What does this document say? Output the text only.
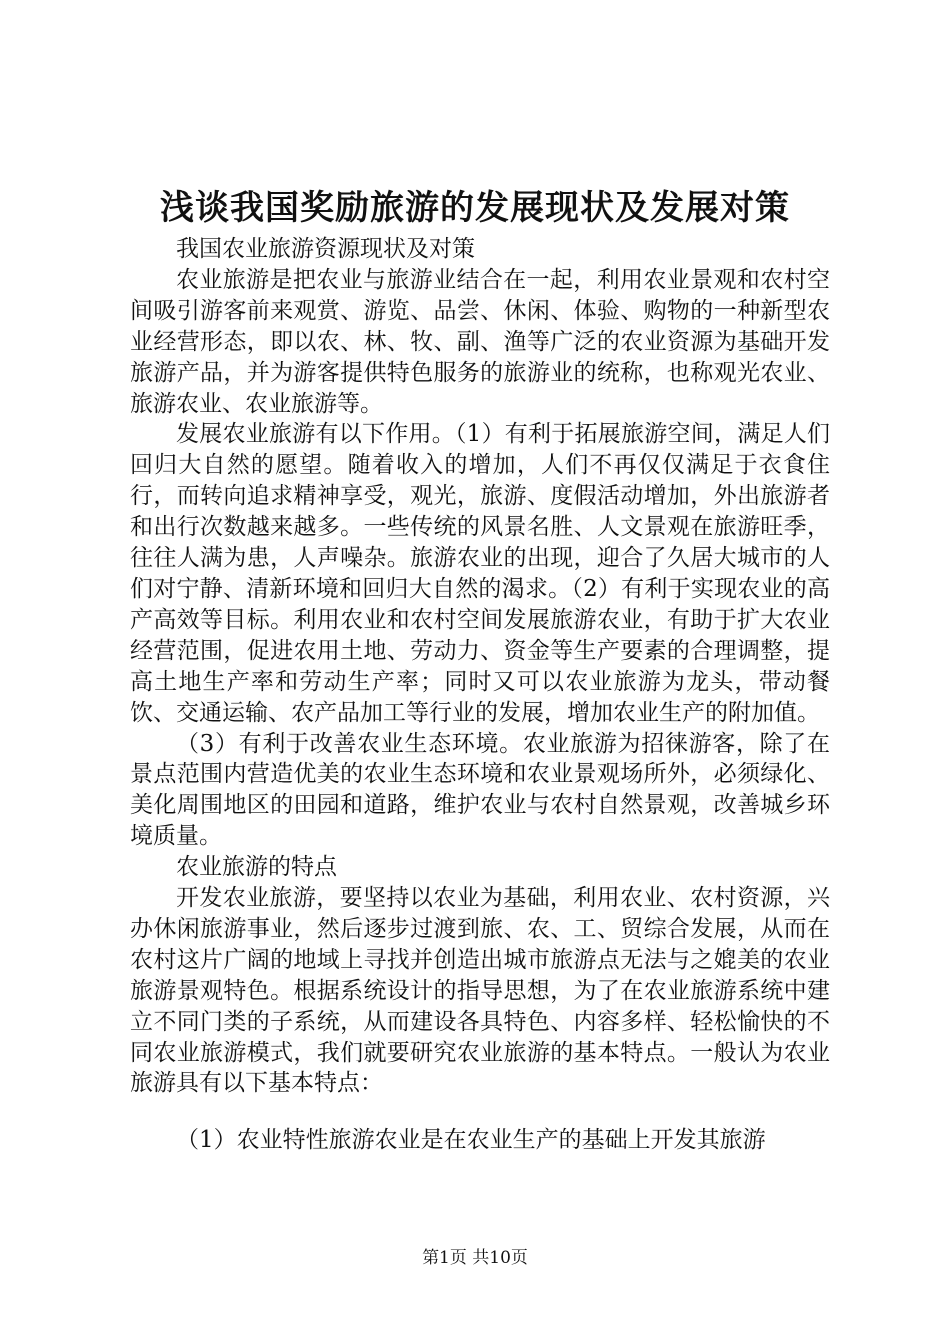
浅谈我国奖励旅游的发展现状及发展对策

我国农业旅游资源现状及对策

农业旅游是把农业与旅游业结合在一起，利用农业景观和农村空间吸引游客前来观赏、游览、品尝、休闲、体验、购物的一种新型农业经营形态，即以农、林、牧、副、渔等广泛的农业资源为基础开发旅游产品，并为游客提供特色服务的旅游业的统称，也称观光农业、旅游农业、农业旅游等。

发展农业旅游有以下作用。（1）有利于拓展旅游空间，满足人们回归大自然的愿望。随着收入的增加，人们不再仅仅满足于衣食住行，而转向追求精神享受，观光，旅游、度假活动增加，外出旅游者和出行次数越来越多。一些传统的风景名胜、人文景观在旅游旺季，往往人满为患，人声噪杂。旅游农业的出现，迎合了久居大城市的人们对宁静、清新环境和回归大自然的渴求。（2）有利于实现农业的高产高效等目标。利用农业和农村空间发展旅游农业，有助于扩大农业经营范围，促进农用土地、劳动力、资金等生产要素的合理调整，提高土地生产率和劳动生产率；同时又可以农业旅游为龙头，带动餐饮、交通运输、农产品加工等行业的发展，增加农业生产的附加值。

（3）有利于改善农业生态环境。农业旅游为招徕游客，除了在景点范围内营造优美的农业生态环境和农业景观场所外，必须绿化、美化周围地区的田园和道路，维护农业与农村自然景观，改善城乡环境质量。

农业旅游的特点

开发农业旅游，要坚持以农业为基础，利用农业、农村资源，兴办休闲旅游事业，然后逐步过渡到旅、农、工、贸综合发展，从而在农村这片广阔的地域上寻找并创造出城市旅游点无法与之媲美的农业旅游景观特色。根据系统设计的指导思想，为了在农业旅游系统中建立不同门类的子系统，从而建设各具特色、内容多样、轻松愉快的不同农业旅游模式，我们就要研究农业旅游的基本特点。一般认为农业旅游具有以下基本特点：

（1）农业特性旅游农业是在农业生产的基础上开发其旅游

第1页 共10页
